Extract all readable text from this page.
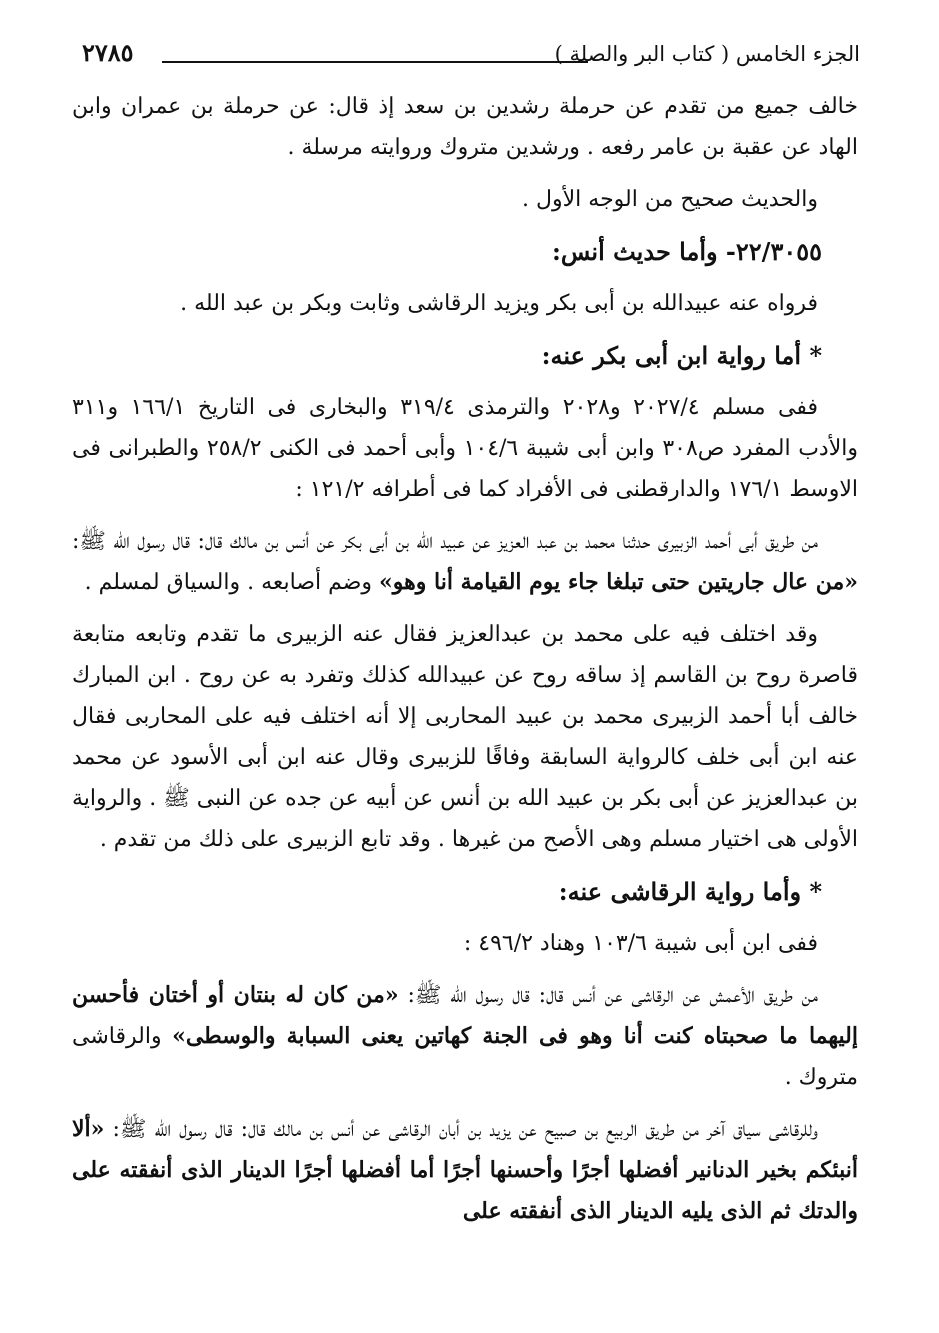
الجزء الخامس ( كتاب البر والصلة )
٢٧٨٥

خالف جميع من تقدم عن حرملة رشدين بن سعد إذ قال: عن حرملة بن عمران وابن الهاد عن عقبة بن عامر رفعه . ورشدين متروك وروايته مرسلة .

والحديث صحيح من الوجه الأول .

٢٢/٣٠٥٥- وأما حديث أنس:

فرواه عنه عبيدالله بن أبى بكر ويزيد الرقاشى وثابت وبكر بن عبد الله .

* أما رواية ابن أبى بكر عنه:

ففى مسلم ٢٠٢٧/٤ و٢٠٢٨ والترمذى ٣١٩/٤ والبخارى فى التاريخ ١٦٦/١ و٣١١ والأدب المفرد ص٣٠٨ وابن أبى شيبة ١٠٤/٦ وأبى أحمد فى الكنى ٢٥٨/٢ والطبرانى فى الاوسط ١٧٦/١ والدارقطنى فى الأفراد كما فى أطرافه ١٢١/٢ :

من طريق أبى أحمد الزبيرى حدثنا محمد بن عبد العزيز عن عبيد الله بن أبى بكر عن أنس بن مالك قال: قال رسول الله ﷺ: «من عال جاريتين حتى تبلغا جاء يوم القيامة أنا وهو» وضم أصابعه . والسياق لمسلم .

وقد اختلف فيه على محمد بن عبدالعزيز فقال عنه الزبيرى ما تقدم وتابعه متابعة قاصرة روح بن القاسم إذ ساقه روح عن عبيدالله كذلك وتفرد به عن روح . ابن المبارك خالف أبا أحمد الزبيرى محمد بن عبيد المحاربى إلا أنه اختلف فيه على المحاربى فقال عنه ابن أبى خلف كالرواية السابقة وفاقًا للزبيرى وقال عنه ابن أبى الأسود عن محمد بن عبدالعزيز عن أبى بكر بن عبيد الله بن أنس عن أبيه عن جده عن النبى ﷺ . والرواية الأولى هى اختيار مسلم وهى الأصح من غيرها . وقد تابع الزبيرى على ذلك من تقدم .

* وأما رواية الرقاشى عنه:

ففى ابن أبى شيبة ١٠٣/٦ وهناد ٤٩٦/٢ :

من طريق الأعمش عن الرقاشى عن أنس قال: قال رسول الله ﷺ: «من كان له بنتان أو أختان فأحسن إليهما ما صحبتاه كنت أنا وهو فى الجنة كهاتين يعنى السبابة والوسطى» والرقاشى متروك .

وللرقاشى سياق آخر من طريق الربيع بن صبيح عن يزيد بن أبان الرقاشى عن أنس بن مالك قال: قال رسول الله ﷺ: «ألا أنبئكم بخير الدنانير أفضلها أجرًا وأحسنها أجرًا أما أفضلها أجرًا الدينار الذى أنفقته على والدتك ثم الذى يليه الدينار الذى أنفقته على
